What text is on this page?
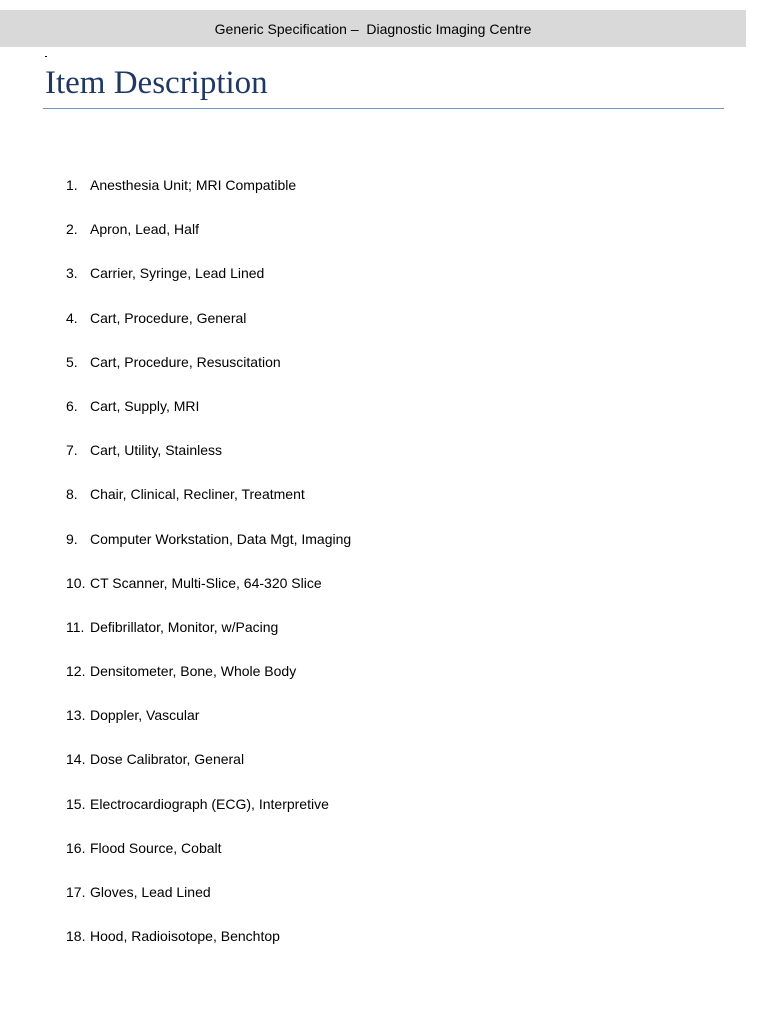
Generic Specification –  Diagnostic Imaging Centre
Item Description
1. Anesthesia Unit; MRI Compatible
2. Apron, Lead, Half
3. Carrier, Syringe, Lead Lined
4. Cart, Procedure, General
5. Cart, Procedure, Resuscitation
6. Cart, Supply, MRI
7. Cart, Utility, Stainless
8. Chair, Clinical, Recliner, Treatment
9. Computer Workstation, Data Mgt, Imaging
10. CT Scanner, Multi-Slice, 64-320 Slice
11. Defibrillator, Monitor, w/Pacing
12. Densitometer, Bone, Whole Body
13. Doppler, Vascular
14. Dose Calibrator, General
15. Electrocardiograph (ECG), Interpretive
16. Flood Source, Cobalt
17. Gloves, Lead Lined
18. Hood, Radioisotope, Benchtop
